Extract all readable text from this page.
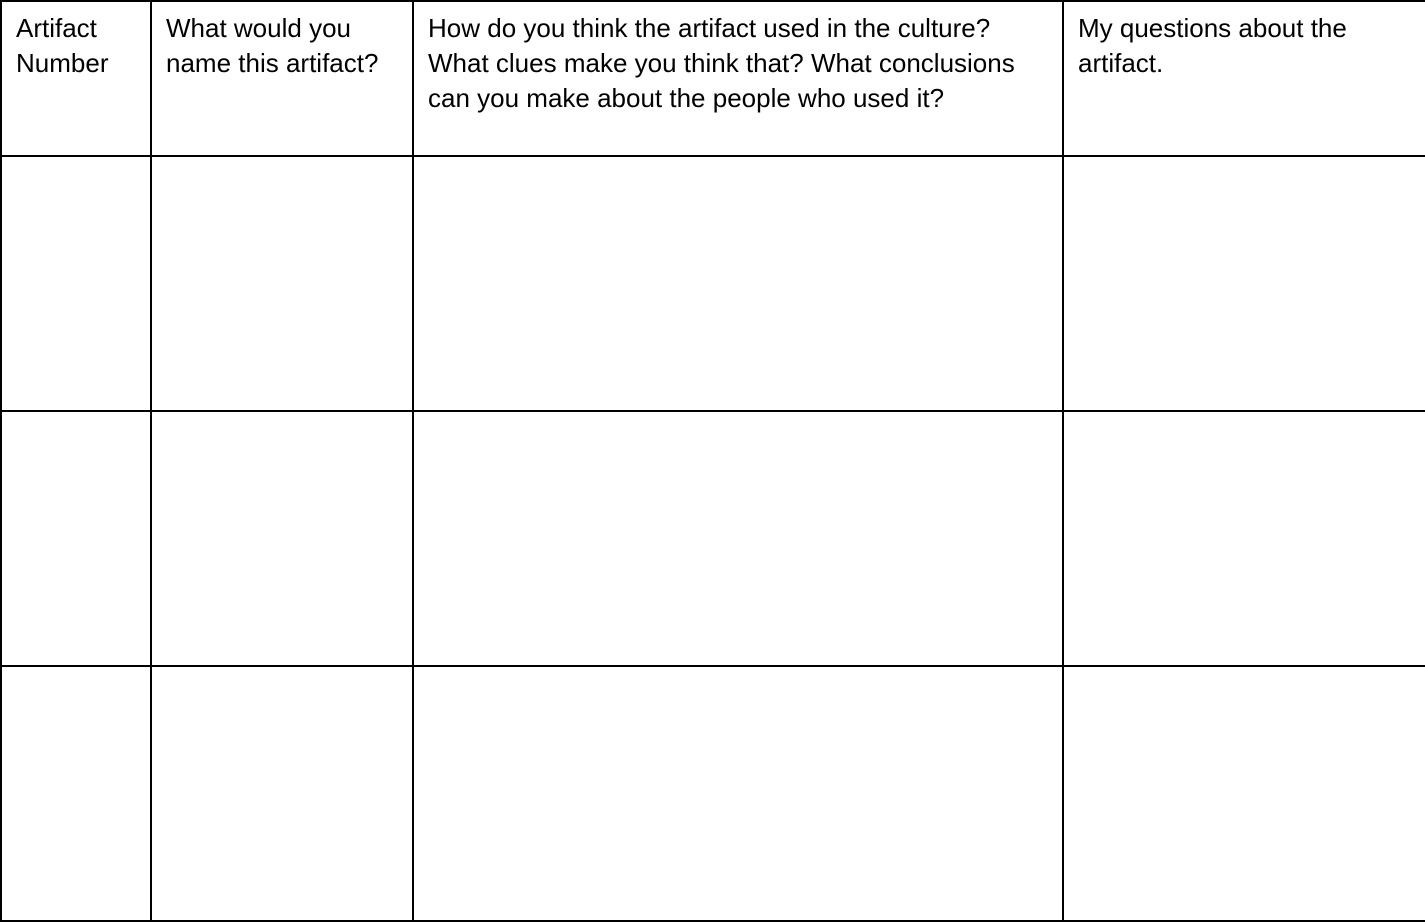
Artifact Number	What would you name this artifact?	How do you think the artifact used in the culture? What clues make you think that? What conclusions can you make about the people who used it?	My questions about the artifact.
